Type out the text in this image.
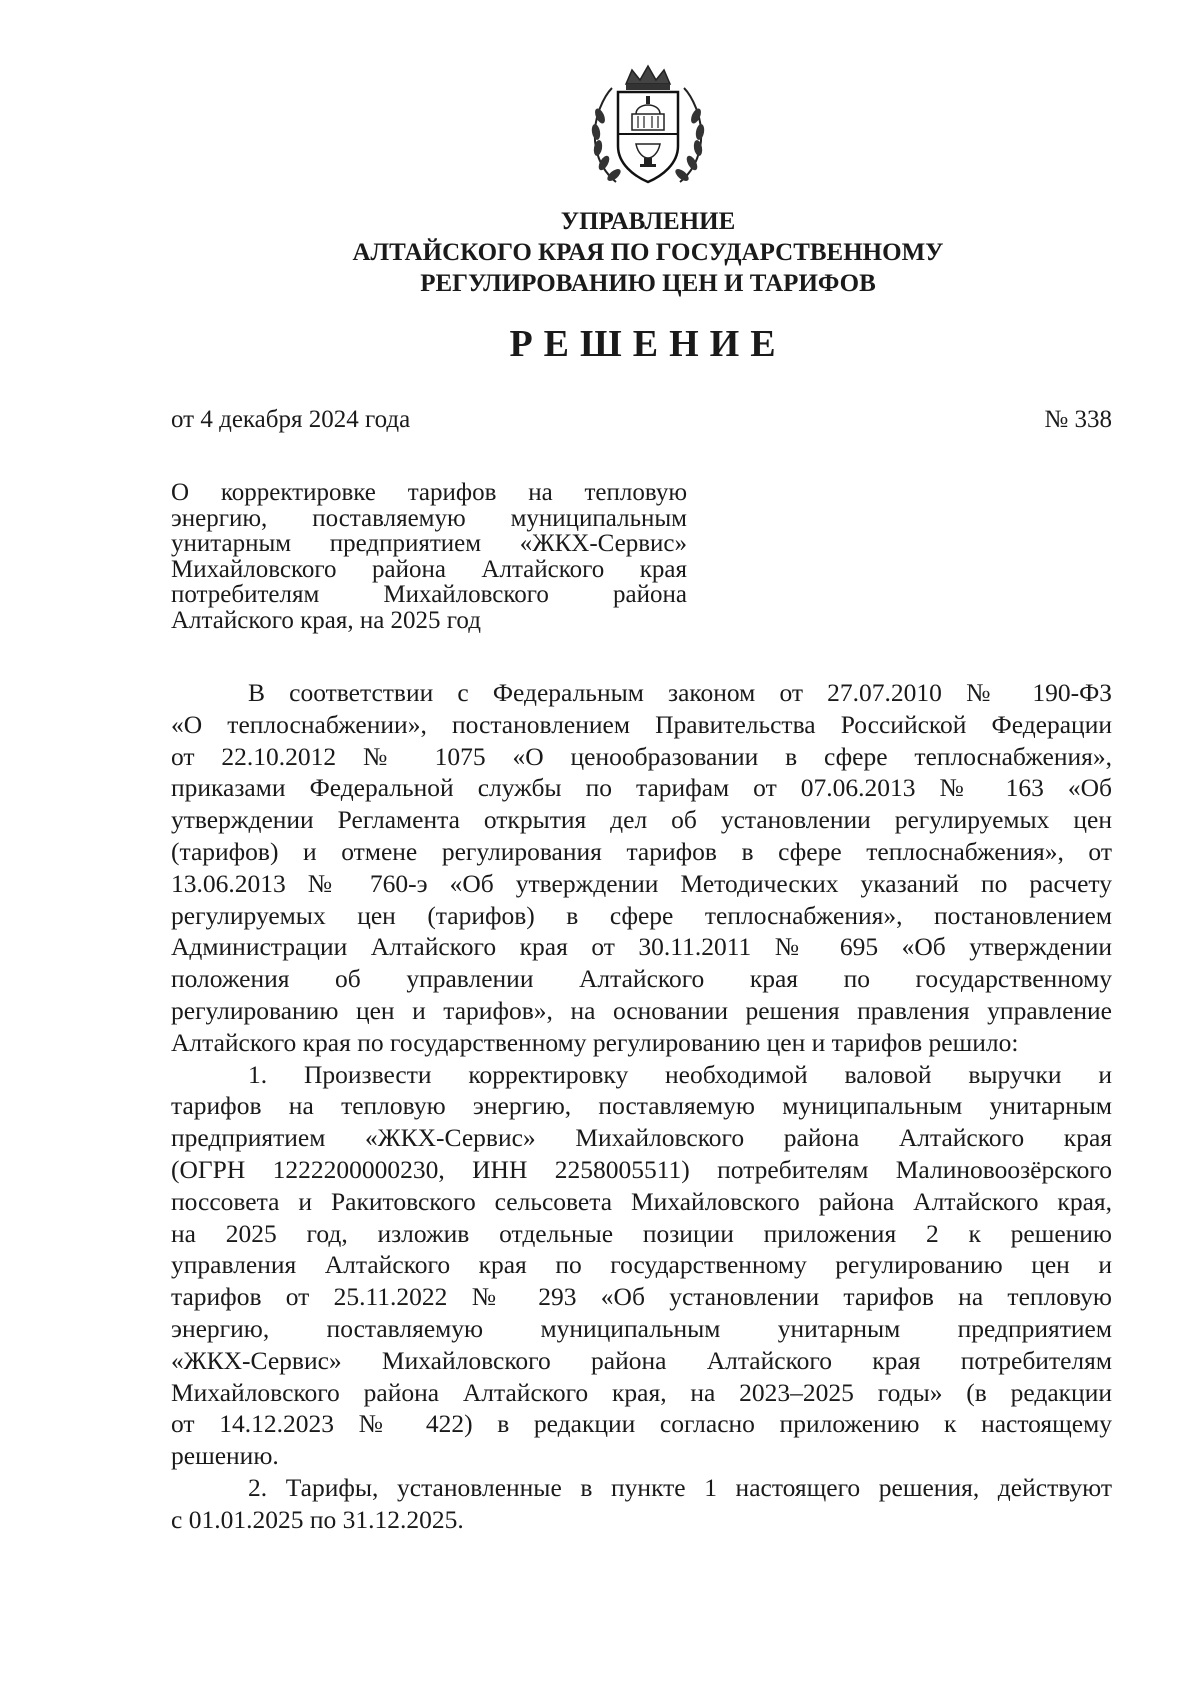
УПРАВЛЕНИЕ
АЛТАЙСКОГО КРАЯ ПО ГОСУДАРСТВЕННОМУ
РЕГУЛИРОВАНИЮ ЦЕН И ТАРИФОВ
РЕШЕНИЕ
от 4 декабря 2024 года	№ 338
О корректировке тарифов на тепловую
энергию, поставляемую муниципальным
унитарным предприятием «ЖКХ-Сервис»
Михайловского района Алтайского края
потребителям Михайловского района
Алтайского края, на 2025 год
В соответствии с Федеральным законом от 27.07.2010 № 190-ФЗ
«О теплоснабжении», постановлением Правительства Российской Федерации
от 22.10.2012 № 1075 «О ценообразовании в сфере теплоснабжения»,
приказами Федеральной службы по тарифам от 07.06.2013 № 163 «Об
утверждении Регламента открытия дел об установлении регулируемых цен
(тарифов) и отмене регулирования тарифов в сфере теплоснабжения», от
13.06.2013 № 760-э «Об утверждении Методических указаний по расчету
регулируемых цен (тарифов) в сфере теплоснабжения», постановлением
Администрации Алтайского края от 30.11.2011 № 695 «Об утверждении
положения об управлении Алтайского края по государственному
регулированию цен и тарифов», на основании решения правления управление
Алтайского края по государственному регулированию цен и тарифов решило:
1. Произвести корректировку необходимой валовой выручки и
тарифов на тепловую энергию, поставляемую муниципальным унитарным
предприятием «ЖКХ-Сервис» Михайловского района Алтайского края
(ОГРН 1222200000230, ИНН 2258005511) потребителям Малиновоозёрского
поссовета и Ракитовского сельсовета Михайловского района Алтайского края,
на 2025 год, изложив отдельные позиции приложения 2 к решению
управления Алтайского края по государственному регулированию цен и
тарифов от 25.11.2022 № 293 «Об установлении тарифов на тепловую
энергию, поставляемую муниципальным унитарным предприятием
«ЖКХ-Сервис» Михайловского района Алтайского края потребителям
Михайловского района Алтайского края, на 2023–2025 годы» (в редакции
от 14.12.2023 № 422) в редакции согласно приложению к настоящему
решению.
2. Тарифы, установленные в пункте 1 настоящего решения, действуют
с 01.01.2025 по 31.12.2025.
